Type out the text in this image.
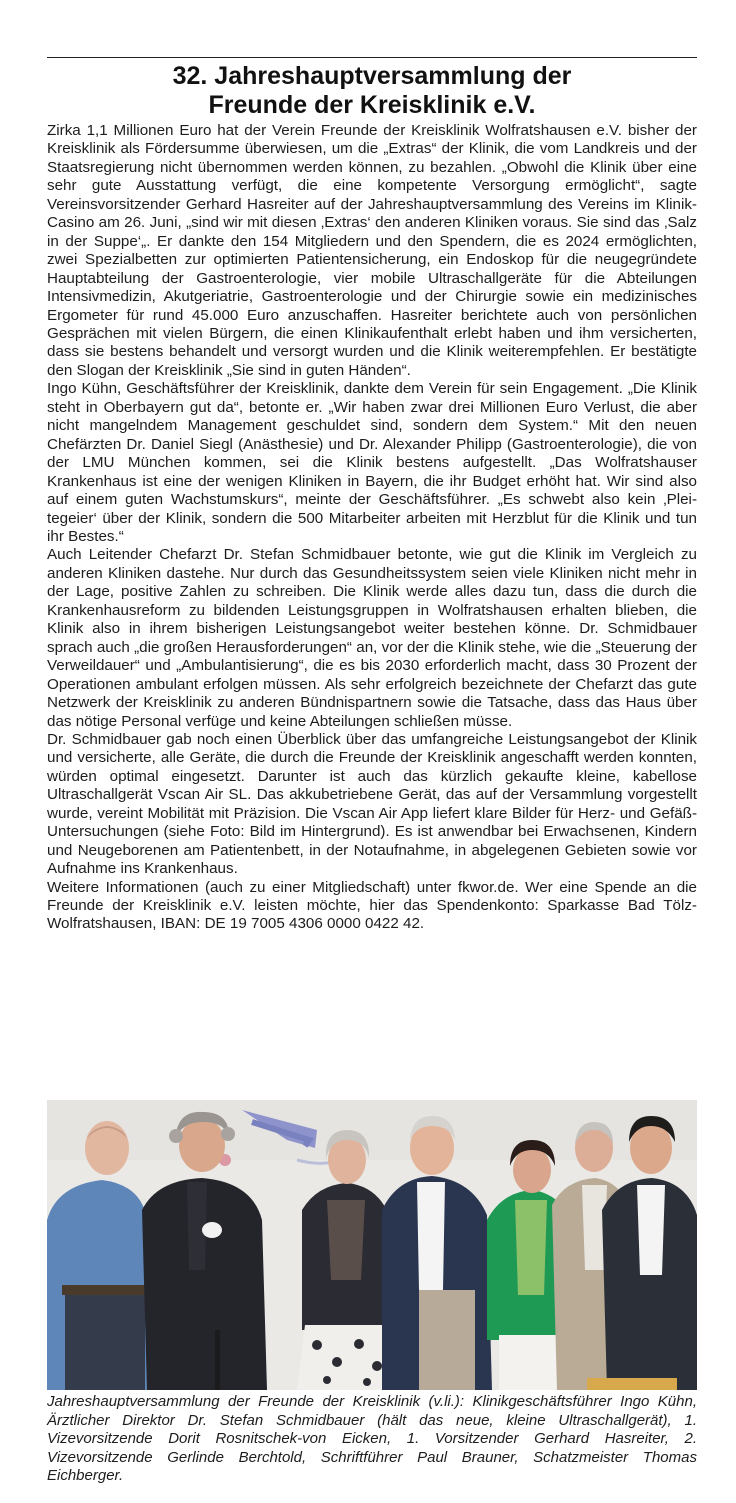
32. Jahreshauptversammlung der
Freunde der Kreisklinik e.V.

Zirka 1,1 Millionen Euro hat der Verein Freunde der Kreisklinik Wolfratshausen e.V. bisher der Kreisklinik als Fördersumme überwiesen, um die „Extras“ der Klinik, die vom Landkreis und der Staatsregierung nicht übernommen werden können, zu bezahlen. „Obwohl die Klinik über eine sehr gute Ausstattung verfügt, die eine kompetente Versorgung ermöglicht“, sagte Vereinsvorsitzender Gerhard Hasreiter auf der Jahreshauptversammlung des Vereins im Klinik-Casino am 26. Juni, „sind wir mit diesen ‚Extras‘ den anderen Kliniken voraus. Sie sind das ‚Salz in der Suppe‘„. Er dankte den 154 Mitgliedern und den Spendern, die es 2024 ermöglichten, zwei Spezialbetten zur optimierten Patientensicherung, ein Endoskop für die neugegründete Hauptabteilung der Gastroenterologie, vier mobile Ultraschallgeräte für die Abteilungen Intensivmedizin, Akutgeriatrie, Gastroenterologie und der Chirurgie sowie ein medizinisches Ergometer für rund 45.000 Euro anzuschaffen. Hasreiter berichtete auch von persönlichen Gesprächen mit vielen Bürgern, die einen Klinikaufenthalt erlebt haben und ihm versicherten, dass sie bestens behandelt und versorgt wurden und die Klinik weiterempfehlen. Er bestätigte den Slogan der Kreisklinik „Sie sind in guten Händen“.

Ingo Kühn, Geschäftsführer der Kreisklinik, dankte dem Verein für sein Engagement. „Die Klinik steht in Oberbayern gut da“, betonte er. „Wir haben zwar drei Millionen Euro Verlust, die aber nicht mangelndem Management geschuldet sind, sondern dem System.“ Mit den neuen Chefärzten Dr. Daniel Siegl (Anästhesie) und Dr. Alexander Philipp (Gastroenterologie), die von der LMU München kommen, sei die Klinik bestens aufgestellt. „Das Wolfratshauser Krankenhaus ist eine der wenigen Kliniken in Bayern, die ihr Budget erhöht hat. Wir sind also auf einem guten Wachstumskurs“, meinte der Geschäftsführer. „Es schwebt also kein ‚Pleitegeier‘ über der Klinik, sondern die 500 Mitarbeiter arbeiten mit Herzblut für die Klinik und tun ihr Bestes.“

Auch Leitender Chefarzt Dr. Stefan Schmidbauer betonte, wie gut die Klinik im Vergleich zu anderen Kliniken dastehe. Nur durch das Gesundheitssystem seien viele Kliniken nicht mehr in der Lage, positive Zahlen zu schreiben. Die Klinik werde alles dazu tun, dass die durch die Krankenhausreform zu bildenden Leistungsgruppen in Wolfratshausen erhalten blieben, die Klinik also in ihrem bisherigen Leistungsangebot weiter bestehen könne. Dr. Schmidbauer sprach auch „die großen Herausforderungen“ an, vor der die Klinik stehe, wie die „Steuerung der Verweildauer“ und „Ambulantisierung“, die es bis 2030 erforderlich macht, dass 30 Prozent der Operationen ambulant erfolgen müssen. Als sehr erfolgreich bezeichnete der Chefarzt das gute Netzwerk der Kreisklinik zu anderen Bündnispartnern sowie die Tatsache, dass das Haus über das nötige Personal verfüge und keine Abteilungen schließen müsse.

Dr. Schmidbauer gab noch einen Überblick über das umfangreiche Leistungsangebot der Klinik und versicherte, alle Geräte, die durch die Freunde der Kreisklinik angeschafft werden konnten, würden optimal eingesetzt. Darunter ist auch das kürzlich gekaufte kleine, kabellose Ultraschallgerät Vscan Air SL. Das akkubetriebene Gerät, das auf der Versammlung vorgestellt wurde, vereint Mobilität mit Präzision. Die Vscan Air App liefert klare Bilder für Herz- und Gefäß-Untersuchungen (siehe Foto: Bild im Hintergrund). Es ist anwendbar bei Erwachsenen, Kindern und Neugeborenen am Patientenbett, in der Notaufnahme, in abgelegenen Gebieten sowie vor Aufnahme ins Krankenhaus.

Weitere Informationen (auch zu einer Mitgliedschaft) unter fkwor.de. Wer eine Spende an die Freunde der Kreisklinik e.V. leisten möchte, hier das Spendenkonto: Sparkasse Bad Tölz-Wolfratshausen, IBAN: DE 19 7005 4306 0000 0422 42.

Jahreshauptversammlung der Freunde der Kreisklinik (v.li.): Klinikgeschäftsführer Ingo Kühn, Ärztlicher Direktor Dr. Stefan Schmidbauer (hält das neue, kleine Ultraschallgerät), 1. Vizevorsitzende Dorit Rosnitschek-von Eicken, 1. Vorsitzender Gerhard Hasreiter, 2. Vizevorsitzende Gerlinde Berchtold, Schriftführer Paul Brauner, Schatzmeister Thomas Eichberger.
